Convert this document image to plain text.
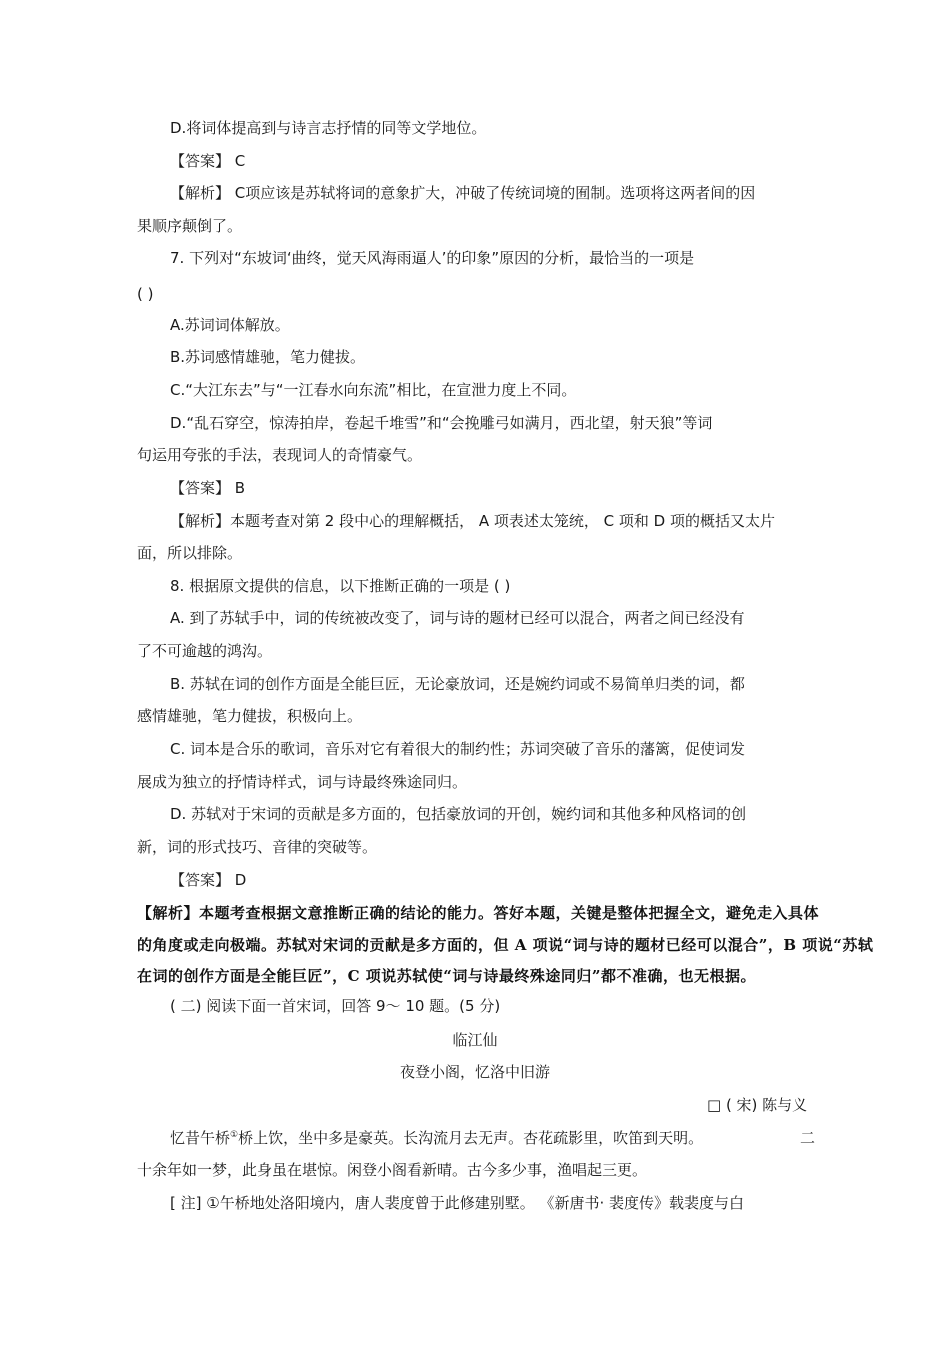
D.将词体提高到与诗言志抒情的同等文学地位。
【答案】 C
【解析】 C项应该是苏轼将词的意象扩大，冲破了传统词境的囿制。选项将这两者间的因
果顺序颠倒了。
7. 下列对“东坡词‘曲终，觉天风海雨逼人’的印象”原因的分析，最恰当的一项是
( )
A.苏词词体解放。
B.苏词感情雄驰，笔力健拔。
C.“大江东去”与“一江春水向东流”相比，在宣泄力度上不同。
D.“乱石穿空，惊涛拍岸，卷起千堆雪”和“会挽雕弓如满月，西北望，射天狼”等词
句运用夸张的手法，表现词人的奇情豪气。
【答案】 B
【解析】本题考查对第 2 段中心的理解概括， A 项表述太笼统， C 项和 D 项的概括又太片
面，所以排除。
8. 根据原文提供的信息，以下推断正确的一项是 ( )
A. 到了苏轼手中，词的传统被改变了，词与诗的题材已经可以混合，两者之间已经没有
了不可逾越的鸿沟。
B. 苏轼在词的创作方面是全能巨匠，无论豪放词，还是婉约词或不易简单归类的词，都
感情雄驰，笔力健拔，积极向上。
C. 词本是合乐的歌词，音乐对它有着很大的制约性；苏词突破了音乐的藩篱，促使词发
展成为独立的抒情诗样式，词与诗最终殊途同归。
D. 苏轼对于宋词的贡献是多方面的，包括豪放词的开创，婉约词和其他多种风格词的创
新，词的形式技巧、音律的突破等。
【答案】 D
【解析】本题考查根据文意推断正确的结论的能力。答好本题，关键是整体把握全文，避免走入具体
的角度或走向极端。苏轼对宋词的贡献是多方面的，但 A 项说“词与诗的题材已经可以混合”，B 项说“苏轼
在词的创作方面是全能巨匠”，C 项说苏轼使“词与诗最终殊途同归”都不准确，也无根据。
( 二) 阅读下面一首宋词，回答 9～ 10 题。(5 分)
临江仙
夜登小阁，忆洛中旧游
□ ( 宋) 陈与义
忆昔午桥①桥上饮，坐中多是豪英。长沟流月去无声。杏花疏影里，吹笛到天明。	二
十余年如一梦，此身虽在堪惊。闲登小阁看新晴。古今多少事，渔唱起三更。
[ 注] ①午桥地处洛阳境内，唐人裴度曾于此修建别墅。 《新唐书· 裴度传》载裴度与白
